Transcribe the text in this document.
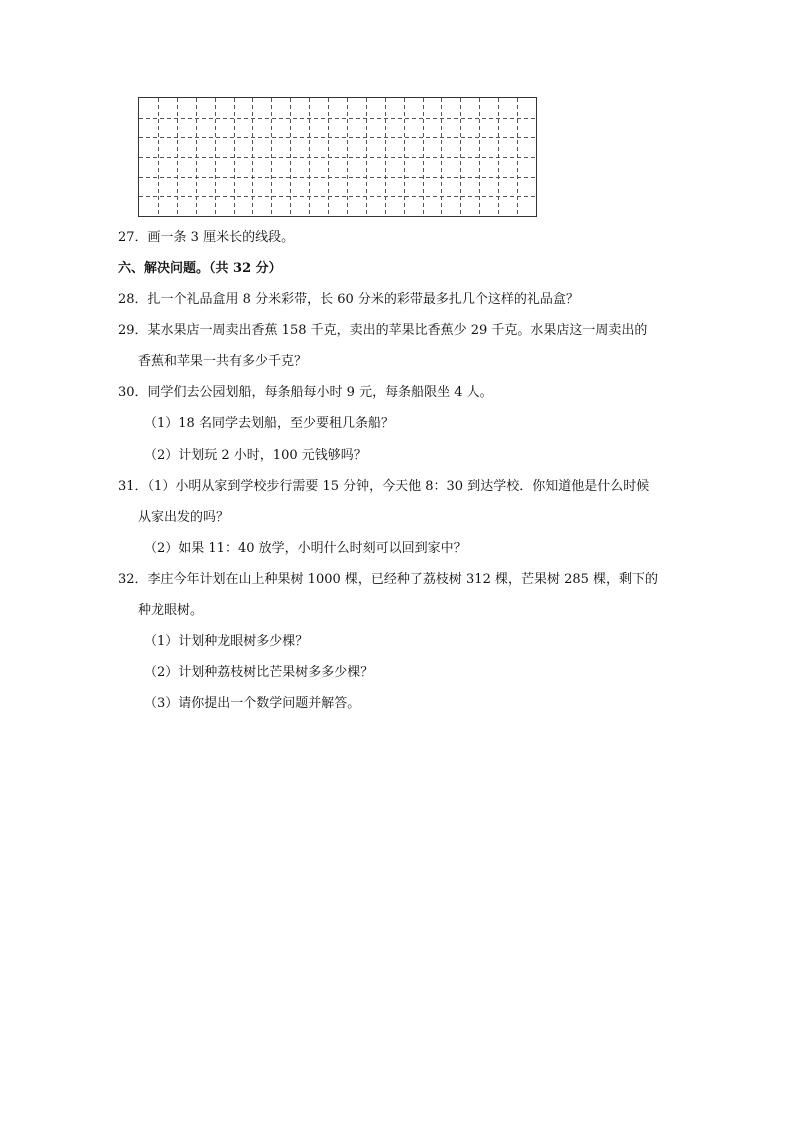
27．画一条 3 厘米长的线段。
六、解决问题。（共 32 分）
28．扎一个礼品盒用 8 分米彩带，长 60 分米的彩带最多扎几个这样的礼品盒？
29．某水果店一周卖出香蕉 158 千克，卖出的苹果比香蕉少 29 千克。水果店这一周卖出的
香蕉和苹果一共有多少千克？
30．同学们去公园划船，每条船每小时 9 元，每条船限坐 4 人。
（1）18 名同学去划船，至少要租几条船？
（2）计划玩 2 小时，100 元钱够吗？
31．（1）小明从家到学校步行需要 15 分钟，今天他 8：30 到达学校．你知道他是什么时候
从家出发的吗？
（2）如果 11：40 放学，小明什么时刻可以回到家中？
32．李庄今年计划在山上种果树 1000 棵，已经种了荔枝树 312 棵，芒果树 285 棵，剩下的
种龙眼树。
（1）计划种龙眼树多少棵？
（2）计划种荔枝树比芒果树多多少棵？
（3）请你提出一个数学问题并解答。
